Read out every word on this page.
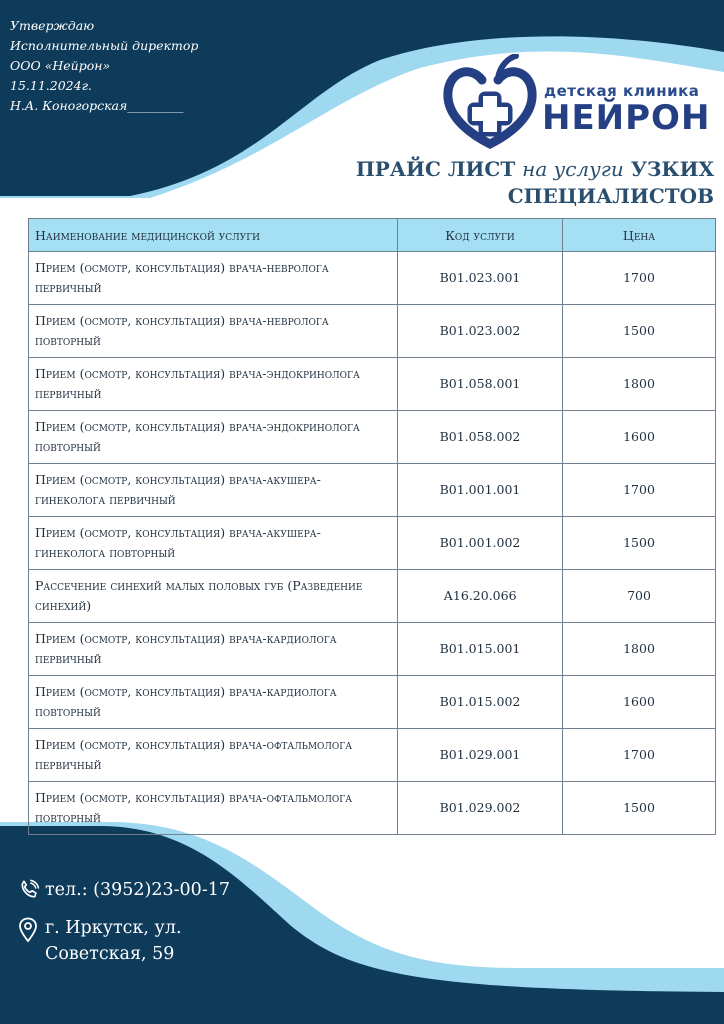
Утверждаю
Исполнительный директор
ООО «Нейрон»
15.11.2024г.
Н.А. Коногорская_________
детская клиника
НЕЙРОН
ПРАЙС ЛИСТ на услуги УЗКИХ
СПЕЦИАЛИСТОВ
Наименование медицинской услуги	Код услуги	Цена
Прием (осмотр, консультация) врача-невролога первичный	В01.023.001	1700
Прием (осмотр, консультация) врача-невролога повторный	В01.023.002	1500
Прием (осмотр, консультация) врача-эндокринолога первичный	В01.058.001	1800
Прием (осмотр, консультация) врача-эндокринолога повторный	В01.058.002	1600
Прием (осмотр, консультация) врача-акушера-гинеколога первичный	В01.001.001	1700
Прием (осмотр, консультация) врача-акушера-гинеколога повторный	В01.001.002	1500
Рассечение синехий малых половых губ (Разведение синехий)	А16.20.066	700
Прием (осмотр, консультация) врача-кардиолога первичный	В01.015.001	1800
Прием (осмотр, консультация) врача-кардиолога повторный	В01.015.002	1600
Прием (осмотр, консультация) врача-офтальмолога первичный	В01.029.001	1700
Прием (осмотр, консультация) врача-офтальмолога повторный	В01.029.002	1500
тел.: (3952)23-00-17
г. Иркутск, ул.
Советская, 59
